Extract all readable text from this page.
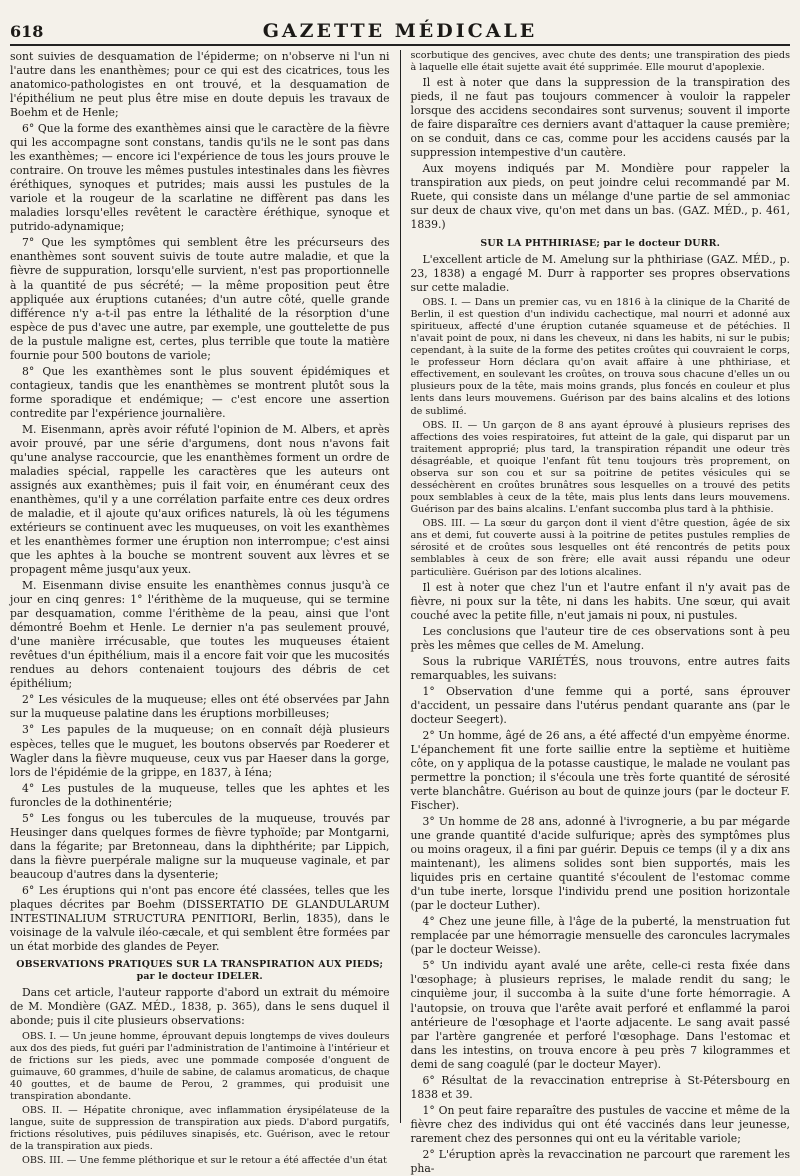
618	GAZETTE MÉDICALE

sont suivies de desquamation de l'épiderme; on n'observe ni l'un ni l'autre dans les enanthèmes; pour ce qui est des cicatrices, tous les anatomico-pathologistes en ont trouvé, et la desquamation de l'épithélium ne peut plus être mise en doute depuis les travaux de Boehm et de Henle;

6° Que la forme des exanthèmes ainsi que le caractère de la fièvre qui les accompagne sont constans, tandis qu'ils ne le sont pas dans les exanthèmes; — encore ici l'expérience de tous les jours prouve le contraire. On trouve les mêmes pustules intestinales dans les fièvres éréthiques, synoques et putrides; mais aussi les pustules de la variole et la rougeur de la scarlatine ne diffèrent pas dans les maladies lorsqu'elles revêtent le caractère éréthique, synoque et putrido-adynamique;

7° Que les symptômes qui semblent être les précurseurs des enanthèmes sont souvent suivis de toute autre maladie, et que la fièvre de suppuration, lorsqu'elle survient, n'est pas proportionnelle à la quantité de pus sécrété; — la même proposition peut être appliquée aux éruptions cutanées; d'un autre côté, quelle grande différence n'y a-t-il pas entre la léthalité de la résorption d'une espèce de pus d'avec une autre, par exemple, une gouttelette de pus de la pustule maligne est, certes, plus terrible que toute la matière fournie pour 500 boutons de variole;

8° Que les exanthèmes sont le plus souvent épidémiques et contagieux, tandis que les enanthèmes se montrent plutôt sous la forme sporadique et endémique; — c'est encore une assertion contredite par l'expérience journalière.

M. Eisenmann, après avoir réfuté l'opinion de M. Albers, et après avoir prouvé, par une série d'argumens, dont nous n'avons fait qu'une analyse raccourcie, que les enanthèmes forment un ordre de maladies spécial, rappelle les caractères que les auteurs ont assignés aux exanthèmes; puis il fait voir, en énumérant ceux des enanthèmes, qu'il y a une corrélation parfaite entre ces deux ordres de maladie, et il ajoute qu'aux orifices naturels, là où les tégumens extérieurs se continuent avec les muqueuses, on voit les exanthèmes et les enanthèmes former une éruption non interrompue; c'est ainsi que les aphtes à la bouche se montrent souvent aux lèvres et se propagent même jusqu'aux yeux.

M. Eisenmann divise ensuite les enanthèmes connus jusqu'à ce jour en cinq genres: 1° l'érithème de la muqueuse, qui se termine par desquamation, comme l'érithème de la peau, ainsi que l'ont démontré Boehm et Henle. Le dernier n'a pas seulement prouvé, d'une manière irrécusable, que toutes les muqueuses étaient revêtues d'un épithélium, mais il a encore fait voir que les mucosités rendues au dehors contenaient toujours des débris de cet épithélium;

2° Les vésicules de la muqueuse; elles ont été observées par Jahn sur la muqueuse palatine dans les éruptions morbilleuses;

3° Les papules de la muqueuse; on en connaît déjà plusieurs espèces, telles que le muguet, les boutons observés par Roederer et Wagler dans la fièvre muqueuse, ceux vus par Haeser dans la gorge, lors de l'épidémie de la grippe, en 1837, à Iéna;

4° Les pustules de la muqueuse, telles que les aphtes et les furoncles de la dothinentérie;

5° Les fongus ou les tubercules de la muqueuse, trouvés par Heusinger dans quelques formes de fièvre typhoïde; par Montgarni, dans la fégarite; par Bretonneau, dans la diphthérite; par Lippich, dans la fièvre puerpérale maligne sur la muqueuse vaginale, et par beaucoup d'autres dans la dysenterie;

6° Les éruptions qui n'ont pas encore été classées, telles que les plaques décrites par Boehm (DISSERTATIO DE GLANDULARUM INTESTINALIUM STRUCTURA PENITIORI, Berlin, 1835), dans le voisinage de la valvule iléo-cæcale, et qui semblent être formées par un état morbide des glandes de Peyer.

OBSERVATIONS PRATIQUES SUR LA TRANSPIRATION AUX PIEDS; par le docteur IDELER.

Dans cet article, l'auteur rapporte d'abord un extrait du mémoire de M. Mondière (GAZ. MÉD., 1838, p. 365), dans le sens duquel il abonde; puis il cite plusieurs observations:

OBS. I. — Un jeune homme, éprouvant depuis longtemps de vives douleurs aux dos des pieds, fut guéri par l'administration de l'antimoine à l'intérieur et de frictions sur les pieds, avec une pommade composée d'onguent de guimauve, 60 grammes, d'huile de sabine, de calamus aromaticus, de chaque 40 gouttes, et de baume de Perou, 2 grammes, qui produisit une transpiration abondante.

OBS. II. — Hépatite chronique, avec inflammation érysipélateuse de la langue, suite de suppression de transpiration aux pieds. D'abord purgatifs, frictions résolutives, puis pédiluves sinapisés, etc. Guérison, avec le retour de la transpiration aux pieds.

OBS. III. — Une femme pléthorique et sur le retour a été affectée d'un état

scorbutique des gencives, avec chute des dents; une transpiration des pieds à laquelle elle était sujette avait été supprimée. Elle mourut d'apoplexie.

Il est à noter que dans la suppression de la transpiration des pieds, il ne faut pas toujours commencer à vouloir la rappeler lorsque des accidens secondaires sont survenus; souvent il importe de faire disparaître ces derniers avant d'attaquer la cause première; on se conduit, dans ce cas, comme pour les accidens causés par la suppression intempestive d'un cautère.

Aux moyens indiqués par M. Mondière pour rappeler la transpiration aux pieds, on peut joindre celui recommandé par M. Ruete, qui consiste dans un mélange d'une partie de sel ammoniac sur deux de chaux vive, qu'on met dans un bas. (GAZ. MÉD., p. 461, 1839.)

SUR LA PHTHIRIASE; par le docteur DURR.

L'excellent article de M. Amelung sur la phthiriase (GAZ. MÉD., p. 23, 1838) a engagé M. Durr à rapporter ses propres observations sur cette maladie.

OBS. I. — Dans un premier cas, vu en 1816 à la clinique de la Charité de Berlin, il est question d'un individu cachectique, mal nourri et adonné aux spiritueux, affecté d'une éruption cutanée squameuse et de pétéchies. Il n'avait point de poux, ni dans les cheveux, ni dans les habits, ni sur le pubis; cependant, à la suite de la forme des petites croûtes qui couvraient le corps, le professeur Horn déclara qu'on avait affaire à une phthiriase, et effectivement, en soulevant les croûtes, on trouva sous chacune d'elles un ou plusieurs poux de la tête, mais moins grands, plus foncés en couleur et plus lents dans leurs mouvemens. Guérison par des bains alcalins et des lotions de sublimé.

OBS. II. — Un garçon de 8 ans ayant éprouvé à plusieurs reprises des affections des voies respiratoires, fut atteint de la gale, qui disparut par un traitement approprié; plus tard, la transpiration répandit une odeur très désagréable, et quoique l'enfant fût tenu toujours très proprement, on observa sur son cou et sur sa poitrine de petites vésicules qui se desséchèrent en croûtes brunâtres sous lesquelles on a trouvé des petits poux semblables à ceux de la tête, mais plus lents dans leurs mouvemens. Guérison par des bains alcalins. L'enfant succomba plus tard à la phthisie.

OBS. III. — La sœur du garçon dont il vient d'être question, âgée de six ans et demi, fut couverte aussi à la poitrine de petites pustules remplies de sérosité et de croûtes sous lesquelles ont été rencontrés de petits poux semblables à ceux de son frère; elle avait aussi répandu une odeur particulière. Guérison par des lotions alcalines.

Il est à noter que chez l'un et l'autre enfant il n'y avait pas de fièvre, ni poux sur la tête, ni dans les habits. Une sœur, qui avait couché avec la petite fille, n'eut jamais ni poux, ni pustules.

Les conclusions que l'auteur tire de ces observations sont à peu près les mêmes que celles de M. Amelung.

Sous la rubrique VARIÉTÉS, nous trouvons, entre autres faits remarquables, les suivans:

1° Observation d'une femme qui a porté, sans éprouver d'accident, un pessaire dans l'utérus pendant quarante ans (par le docteur Seegert).

2° Un homme, âgé de 26 ans, a été affecté d'un empyème énorme. L'épanchement fit une forte saillie entre la septième et huitième côte, on y appliqua de la potasse caustique, le malade ne voulant pas permettre la ponction; il s'écoula une très forte quantité de sérosité verte blanchâtre. Guérison au bout de quinze jours (par le docteur F. Fischer).

3° Un homme de 28 ans, adonné à l'ivrognerie, a bu par mégarde une grande quantité d'acide sulfurique; après des symptômes plus ou moins orageux, il a fini par guérir. Depuis ce temps (il y a dix ans maintenant), les alimens solides sont bien supportés, mais les liquides pris en certaine quantité s'écoulent de l'estomac comme d'un tube inerte, lorsque l'individu prend une position horizontale (par le docteur Luther).

4° Chez une jeune fille, à l'âge de la puberté, la menstruation fut remplacée par une hémorragie mensuelle des caroncules lacrymales (par le docteur Weisse).

5° Un individu ayant avalé une arête, celle-ci resta fixée dans l'œsophage; à plusieurs reprises, le malade rendit du sang; le cinquième jour, il succomba à la suite d'une forte hémorragie. A l'autopsie, on trouva que l'arête avait perforé et enflammé la paroi antérieure de l'œsophage et l'aorte adjacente. Le sang avait passé par l'artère gangrenée et perforé l'œsophage. Dans l'estomac et dans les intestins, on trouva encore à peu près 7 kilogrammes et demi de sang coagulé (par le docteur Mayer).

6° Résultat de la revaccination entreprise à St-Pétersbourg en 1838 et 39.

1° On peut faire reparaître des pustules de vaccine et même de la fièvre chez des individus qui ont été vaccinés dans leur jeunesse, rarement chez des personnes qui ont eu la véritable variole;

2° L'éruption après la revaccination ne parcourt que rarement les pha-
